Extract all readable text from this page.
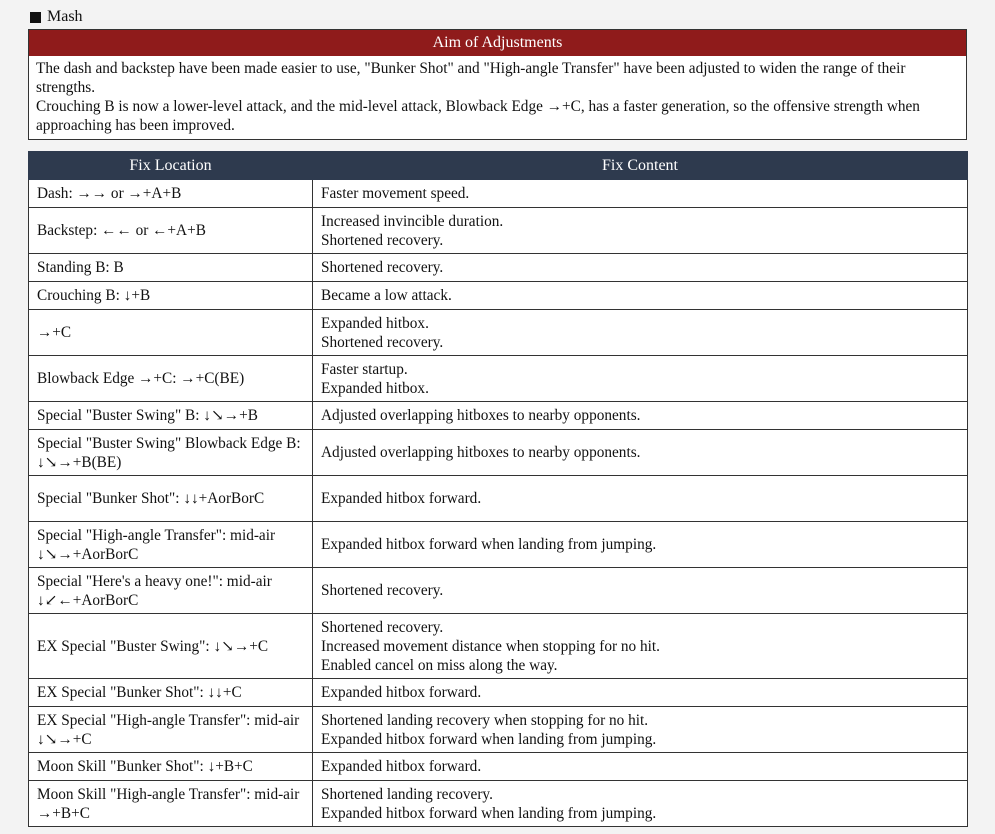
Mash
Aim of Adjustments

The dash and backstep have been made easier to use, "Bunker Shot" and "High-angle Transfer" have been adjusted to widen the range of their strengths.

Crouching B is now a lower-level attack, and the mid-level attack, Blowback Edge →+C, has a faster generation, so the offensive strength when approaching has been improved.

Fix Location	Fix Content
Dash: →→ or →+A+B	Faster movement speed.

Backstep: ←← or ←+A+B	Increased invincible duration.
Shortened recovery.

Standing B: B	Shortened recovery.

Crouching B: ↓+B	Became a low attack.

→+C	Expanded hitbox.
Shortened recovery.

Blowback Edge →+C: →+C(BE)	Faster startup.
Expanded hitbox.

Special "Buster Swing" B: ↓↘→+B	Adjusted overlapping hitboxes to nearby opponents.

Special "Buster Swing" Blowback Edge B: ↓↘→+B(BE)	Adjusted overlapping hitboxes to nearby opponents.

Special "Bunker Shot": ↓↓+AorBorC	Expanded hitbox forward.

Special "High-angle Transfer": mid-air ↓↘→+AorBorC	Expanded hitbox forward when landing from jumping.

Special "Here's a heavy one!": mid-air ↓↙←+AorBorC	Shortened recovery.

EX Special "Buster Swing": ↓↘→+C	Shortened recovery.
Increased movement distance when stopping for no hit.
Enabled cancel on miss along the way.

EX Special "Bunker Shot": ↓↓+C	Expanded hitbox forward.

EX Special "High-angle Transfer": mid-air ↓↘→+C	Shortened landing recovery when stopping for no hit.
Expanded hitbox forward when landing from jumping.

Moon Skill "Bunker Shot": ↓+B+C	Expanded hitbox forward.

Moon Skill "High-angle Transfer": mid-air →+B+C	Shortened landing recovery.
Expanded hitbox forward when landing from jumping.
